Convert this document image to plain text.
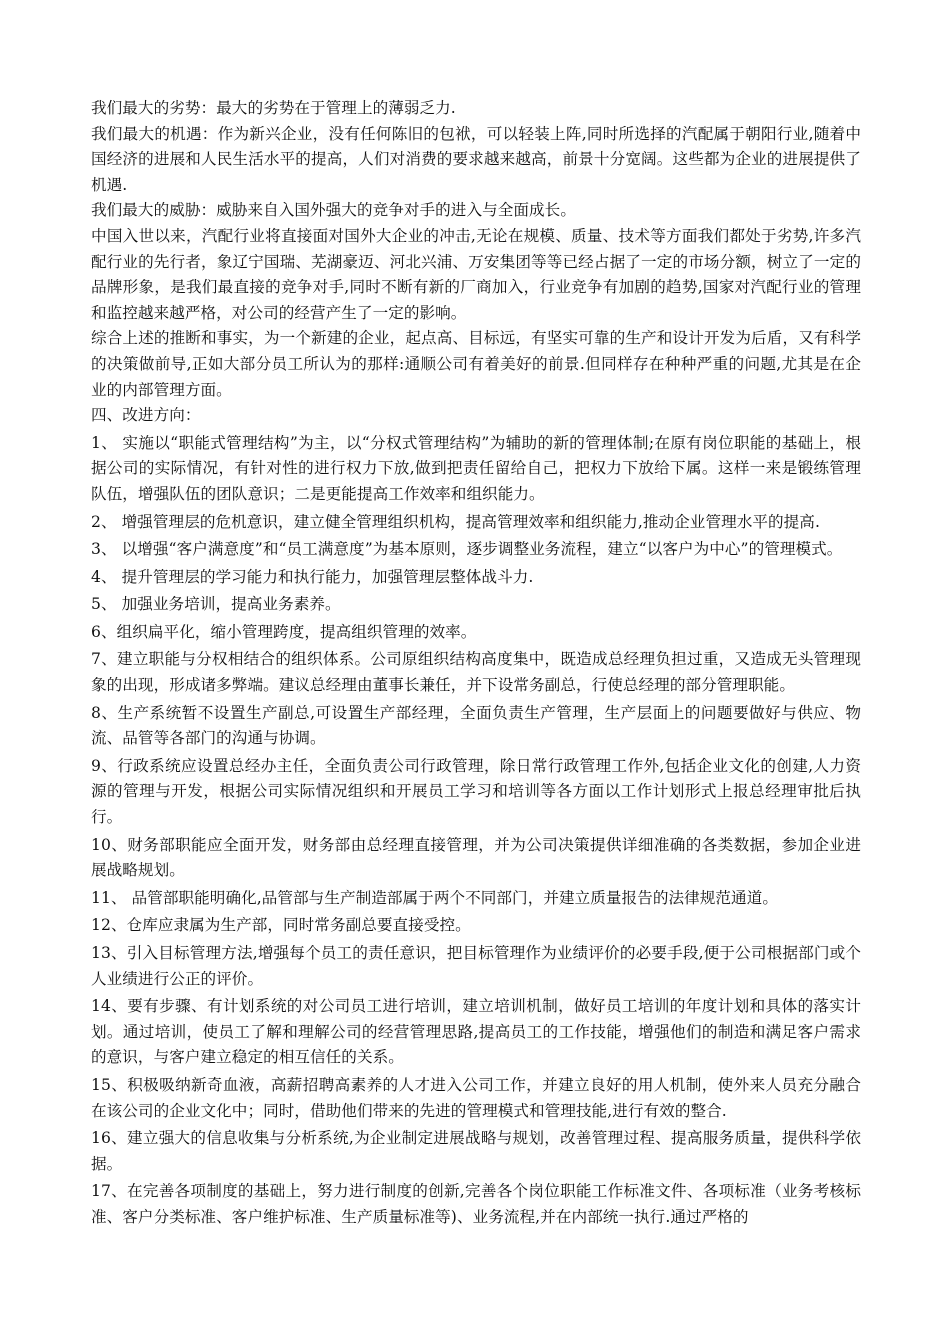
我们最大的劣势：最大的劣势在于管理上的薄弱乏力.

我们最大的机遇：作为新兴企业，没有任何陈旧的包袱，可以轻装上阵,同时所选择的汽配属于朝阳行业,随着中国经济的进展和人民生活水平的提高，人们对消费的要求越来越高，前景十分宽阔。这些都为企业的进展提供了机遇.

我们最大的威胁：威胁来自入国外强大的竞争对手的进入与全面成长。

中国入世以来，汽配行业将直接面对国外大企业的冲击,无论在规模、质量、技术等方面我们都处于劣势,许多汽配行业的先行者，象辽宁国瑞、芜湖豪迈、河北兴浦、万安集团等等已经占据了一定的市场分额，树立了一定的品牌形象，是我们最直接的竞争对手,同时不断有新的厂商加入，行业竞争有加剧的趋势,国家对汽配行业的管理和监控越来越严格，对公司的经营产生了一定的影响。

综合上述的推断和事实，为一个新建的企业，起点高、目标远，有坚实可靠的生产和设计开发为后盾，又有科学的决策做前导,正如大部分员工所认为的那样:通顺公司有着美好的前景.但同样存在种种严重的问题,尤其是在企业的内部管理方面。

四、改进方向：

1、 实施以“职能式管理结构”为主，以“分权式管理结构”为辅助的新的管理体制;在原有岗位职能的基础上，根据公司的实际情况，有针对性的进行权力下放,做到把责任留给自己，把权力下放给下属。这样一来是锻练管理队伍，增强队伍的团队意识；二是更能提高工作效率和组织能力。

2、 增强管理层的危机意识，建立健全管理组织机构，提高管理效率和组织能力,推动企业管理水平的提高.

3、 以增强“客户满意度”和“员工满意度”为基本原则，逐步调整业务流程，建立“以客户为中心”的管理模式。

4、 提升管理层的学习能力和执行能力，加强管理层整体战斗力.

5、 加强业务培训，提高业务素养。

6、组织扁平化，缩小管理跨度，提高组织管理的效率。

7、建立职能与分权相结合的组织体系。公司原组织结构高度集中，既造成总经理负担过重，又造成无头管理现象的出现，形成诸多弊端。建议总经理由董事长兼任，并下设常务副总，行使总经理的部分管理职能。

8、生产系统暂不设置生产副总,可设置生产部经理，全面负责生产管理，生产层面上的问题要做好与供应、物流、品管等各部门的沟通与协调。

9、行政系统应设置总经办主任，全面负责公司行政管理，除日常行政管理工作外,包括企业文化的创建,人力资源的管理与开发，根据公司实际情况组织和开展员工学习和培训等各方面以工作计划形式上报总经理审批后执行。

10、财务部职能应全面开发，财务部由总经理直接管理，并为公司决策提供详细准确的各类数据，参加企业进展战略规划。

11、 品管部职能明确化,品管部与生产制造部属于两个不同部门，并建立质量报告的法律规范通道。

12、仓库应隶属为生产部，同时常务副总要直接受控。

13、引入目标管理方法,增强每个员工的责任意识，把目标管理作为业绩评价的必要手段,便于公司根据部门或个人业绩进行公正的评价。

14、要有步骤、有计划系统的对公司员工进行培训，建立培训机制，做好员工培训的年度计划和具体的落实计划。通过培训，使员工了解和理解公司的经营管理思路,提高员工的工作技能，增强他们的制造和满足客户需求的意识，与客户建立稳定的相互信任的关系。

15、积极吸纳新奇血液，高薪招聘高素养的人才进入公司工作，并建立良好的用人机制，使外来人员充分融合在该公司的企业文化中；同时，借助他们带来的先进的管理模式和管理技能,进行有效的整合.

16、建立强大的信息收集与分析系统,为企业制定进展战略与规划，改善管理过程、提高服务质量，提供科学依据。

17、在完善各项制度的基础上，努力进行制度的创新,完善各个岗位职能工作标准文件、各项标准（业务考核标准、客户分类标准、客户维护标准、生产质量标准等)、业务流程,并在内部统一执行.通过严格的
